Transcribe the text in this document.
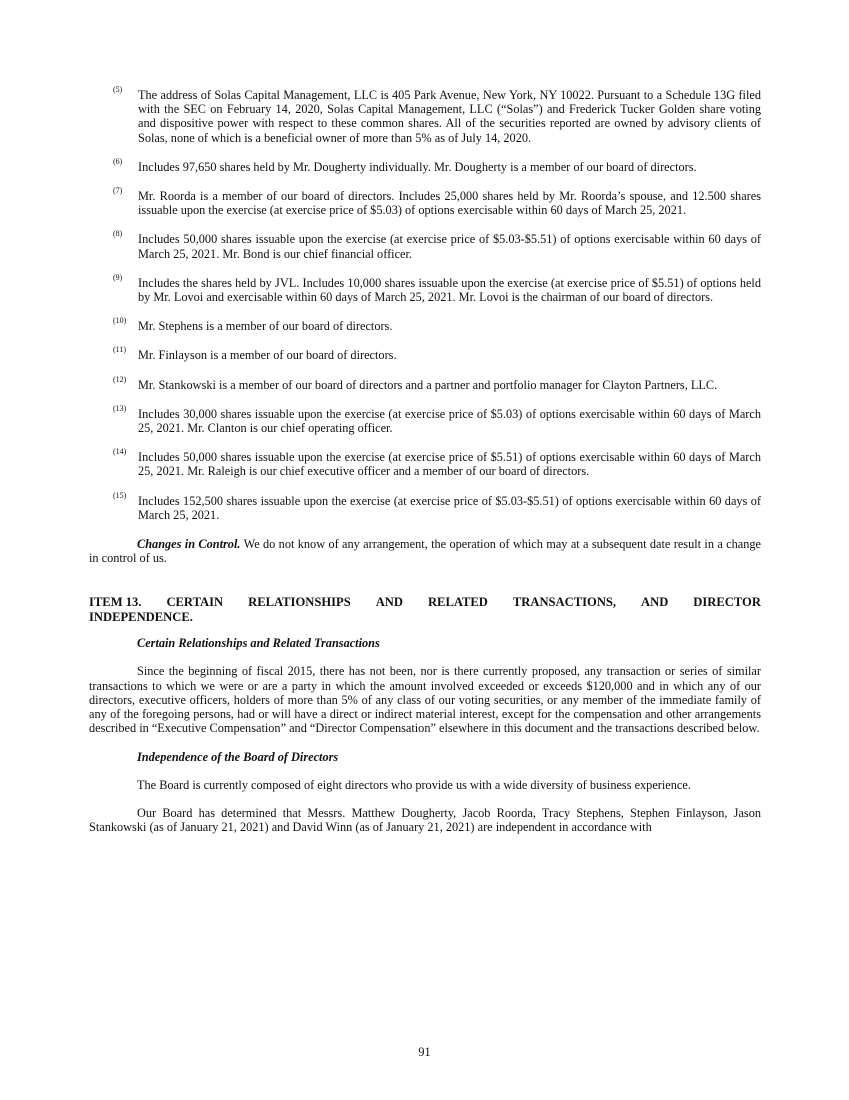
(5) The address of Solas Capital Management, LLC is 405 Park Avenue, New York, NY 10022. Pursuant to a Schedule 13G filed with the SEC on February 14, 2020, Solas Capital Management, LLC (“Solas”) and Frederick Tucker Golden share voting and dispositive power with respect to these common shares. All of the securities reported are owned by advisory clients of Solas, none of which is a beneficial owner of more than 5% as of July 14, 2020.

(6) Includes 97,650 shares held by Mr. Dougherty individually. Mr. Dougherty is a member of our board of directors.

(7) Mr. Roorda is a member of our board of directors. Includes 25,000 shares held by Mr. Roorda’s spouse, and 12.500 shares issuable upon the exercise (at exercise price of $5.03) of options exercisable within 60 days of March 25, 2021.

(8) Includes 50,000 shares issuable upon the exercise (at exercise price of $5.03-$5.51) of options exercisable within 60 days of March 25, 2021. Mr. Bond is our chief financial officer.

(9) Includes the shares held by JVL. Includes 10,000 shares issuable upon the exercise (at exercise price of $5.51) of options held by Mr. Lovoi and exercisable within 60 days of March 25, 2021. Mr. Lovoi is the chairman of our board of directors.

(10) Mr. Stephens is a member of our board of directors.

(11) Mr. Finlayson is a member of our board of directors.

(12) Mr. Stankowski is a member of our board of directors and a partner and portfolio manager for Clayton Partners, LLC.

(13) Includes 30,000 shares issuable upon the exercise (at exercise price of $5.03) of options exercisable within 60 days of March 25, 2021. Mr. Clanton is our chief operating officer.

(14) Includes 50,000 shares issuable upon the exercise (at exercise price of $5.51) of options exercisable within 60 days of March 25, 2021. Mr. Raleigh is our chief executive officer and a member of our board of directors.

(15) Includes 152,500 shares issuable upon the exercise (at exercise price of $5.03-$5.51) of options exercisable within 60 days of March 25, 2021.

Changes in Control. We do not know of any arrangement, the operation of which may at a subsequent date result in a change in control of us.

ITEM 13. CERTAIN RELATIONSHIPS AND RELATED TRANSACTIONS, AND DIRECTOR
INDEPENDENCE.

Certain Relationships and Related Transactions

Since the beginning of fiscal 2015, there has not been, nor is there currently proposed, any transaction or series of similar transactions to which we were or are a party in which the amount involved exceeded or exceeds $120,000 and in which any of our directors, executive officers, holders of more than 5% of any class of our voting securities, or any member of the immediate family of any of the foregoing persons, had or will have a direct or indirect material interest, except for the compensation and other arrangements described in “Executive Compensation” and “Director Compensation” elsewhere in this document and the transactions described below.

Independence of the Board of Directors

The Board is currently composed of eight directors who provide us with a wide diversity of business experience.

Our Board has determined that Messrs. Matthew Dougherty, Jacob Roorda, Tracy Stephens, Stephen Finlayson, Jason Stankowski (as of January 21, 2021) and David Winn (as of January 21, 2021) are independent in accordance with

91
